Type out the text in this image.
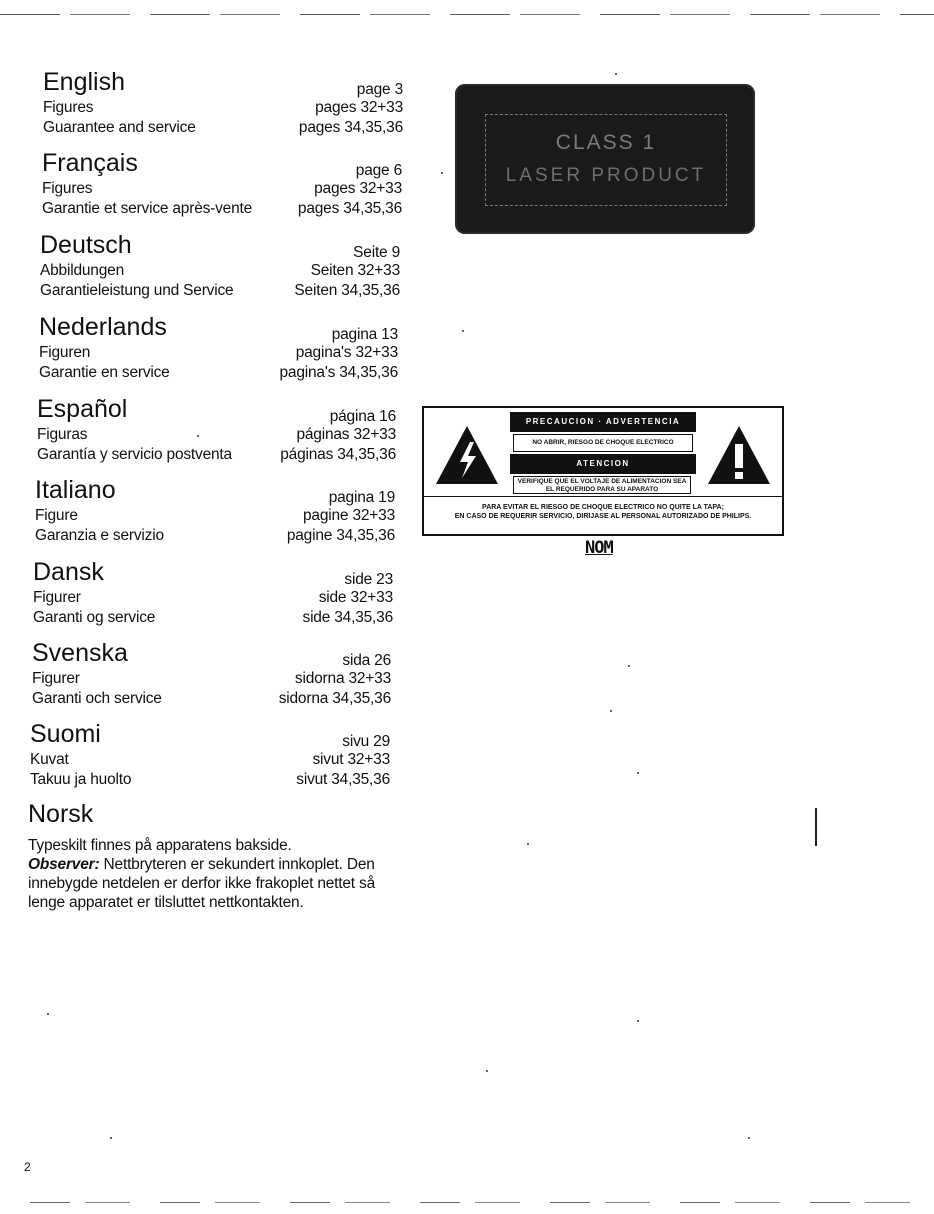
English	page 3
Figures	pages 32+33
Guarantee and service	pages 34,35,36
Français	page 6
Figures	pages 32+33
Garantie et service après-vente	pages 34,35,36
Deutsch	Seite 9
Abbildungen	Seiten 32+33
Garantieleistung und Service	Seiten 34,35,36
Nederlands	pagina 13
Figuren	pagina's 32+33
Garantie en service	pagina's 34,35,36
Español	página 16
Figuras	páginas 32+33
Garantía y servicio postventa	páginas 34,35,36
Italiano	pagina 19
Figure	pagine 32+33
Garanzia e servizio	pagine 34,35,36
Dansk	side 23
Figurer	side 32+33
Garanti og service	side 34,35,36
Svenska	sida 26
Figurer	sidorna 32+33
Garanti och service	sidorna 34,35,36
Suomi	sivu 29
Kuvat	sivut 32+33
Takuu ja huolto	sivut 34,35,36
Norsk
Typeskilt finnes på apparatens bakside.
Observer: Nettbryteren er sekundert innkoplet. Den innebygde netdelen er derfor ikke frakoplet nettet så lenge apparatet er tilsluttet nettkontakten.
CLASS 1
LASER PRODUCT
PRECAUCION · ADVERTENCIA
NO ABRIR, RIESGO DE CHOQUE ELECTRICO
ATENCION
VERIFIQUE QUE EL VOLTAJE DE ALIMENTACION SEA EL REQUERIDO PARA SU APARATO
PARA EVITAR EL RIESGO DE CHOQUE ELECTRICO NO QUITE LA TAPA;
EN CASO DE REQUERIR SERVICIO, DIRIJASE AL PERSONAL AUTORIZADO DE PHILIPS.
NOM
2
